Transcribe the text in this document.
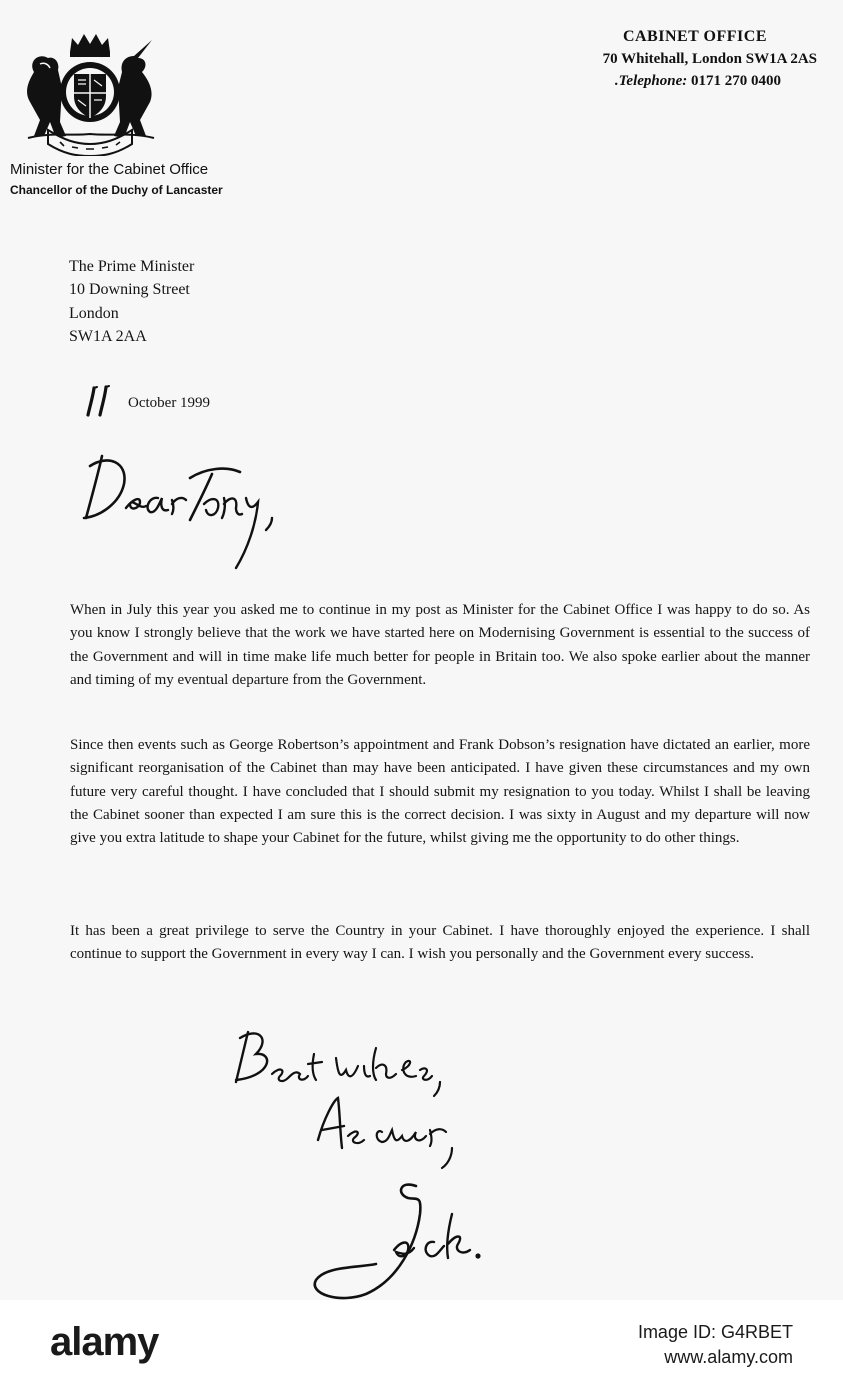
Minister for the Cabinet Office

Chancellor of the Duchy of Lancaster

CABINET OFFICE

70 Whitehall, London SW1A 2AS

.Telephone: 0171 270 0400

The Prime Minister
10 Downing Street
London
SW1A 2AA
October 1999

When in July this year you asked me to continue in my post as Minister for the Cabinet Office I was happy to do so. As you know I strongly believe that the work we have started here on Modernising Government is essential to the success of the Government and will in time make life much better for people in Britain too. We also spoke earlier about the manner and timing of my eventual departure from the Government.

Since then events such as George Robertson’s appointment and Frank Dobson’s resignation have dictated an earlier, more significant reorganisation of the Cabinet than may have been anticipated. I have given these circumstances and my own future very careful thought. I have concluded that I should submit my resignation to you today. Whilst I shall be leaving the Cabinet sooner than expected I am sure this is the correct decision. I was sixty in August and my departure will now give you extra latitude to shape your Cabinet for the future, whilst giving me the opportunity to do other things.

It has been a great privilege to serve the Country in your Cabinet. I have thoroughly enjoyed the experience. I shall continue to support the Government in every way I can. I wish you personally and the Government every success.

alamy	Image ID: G4RBET
www.alamy.com
